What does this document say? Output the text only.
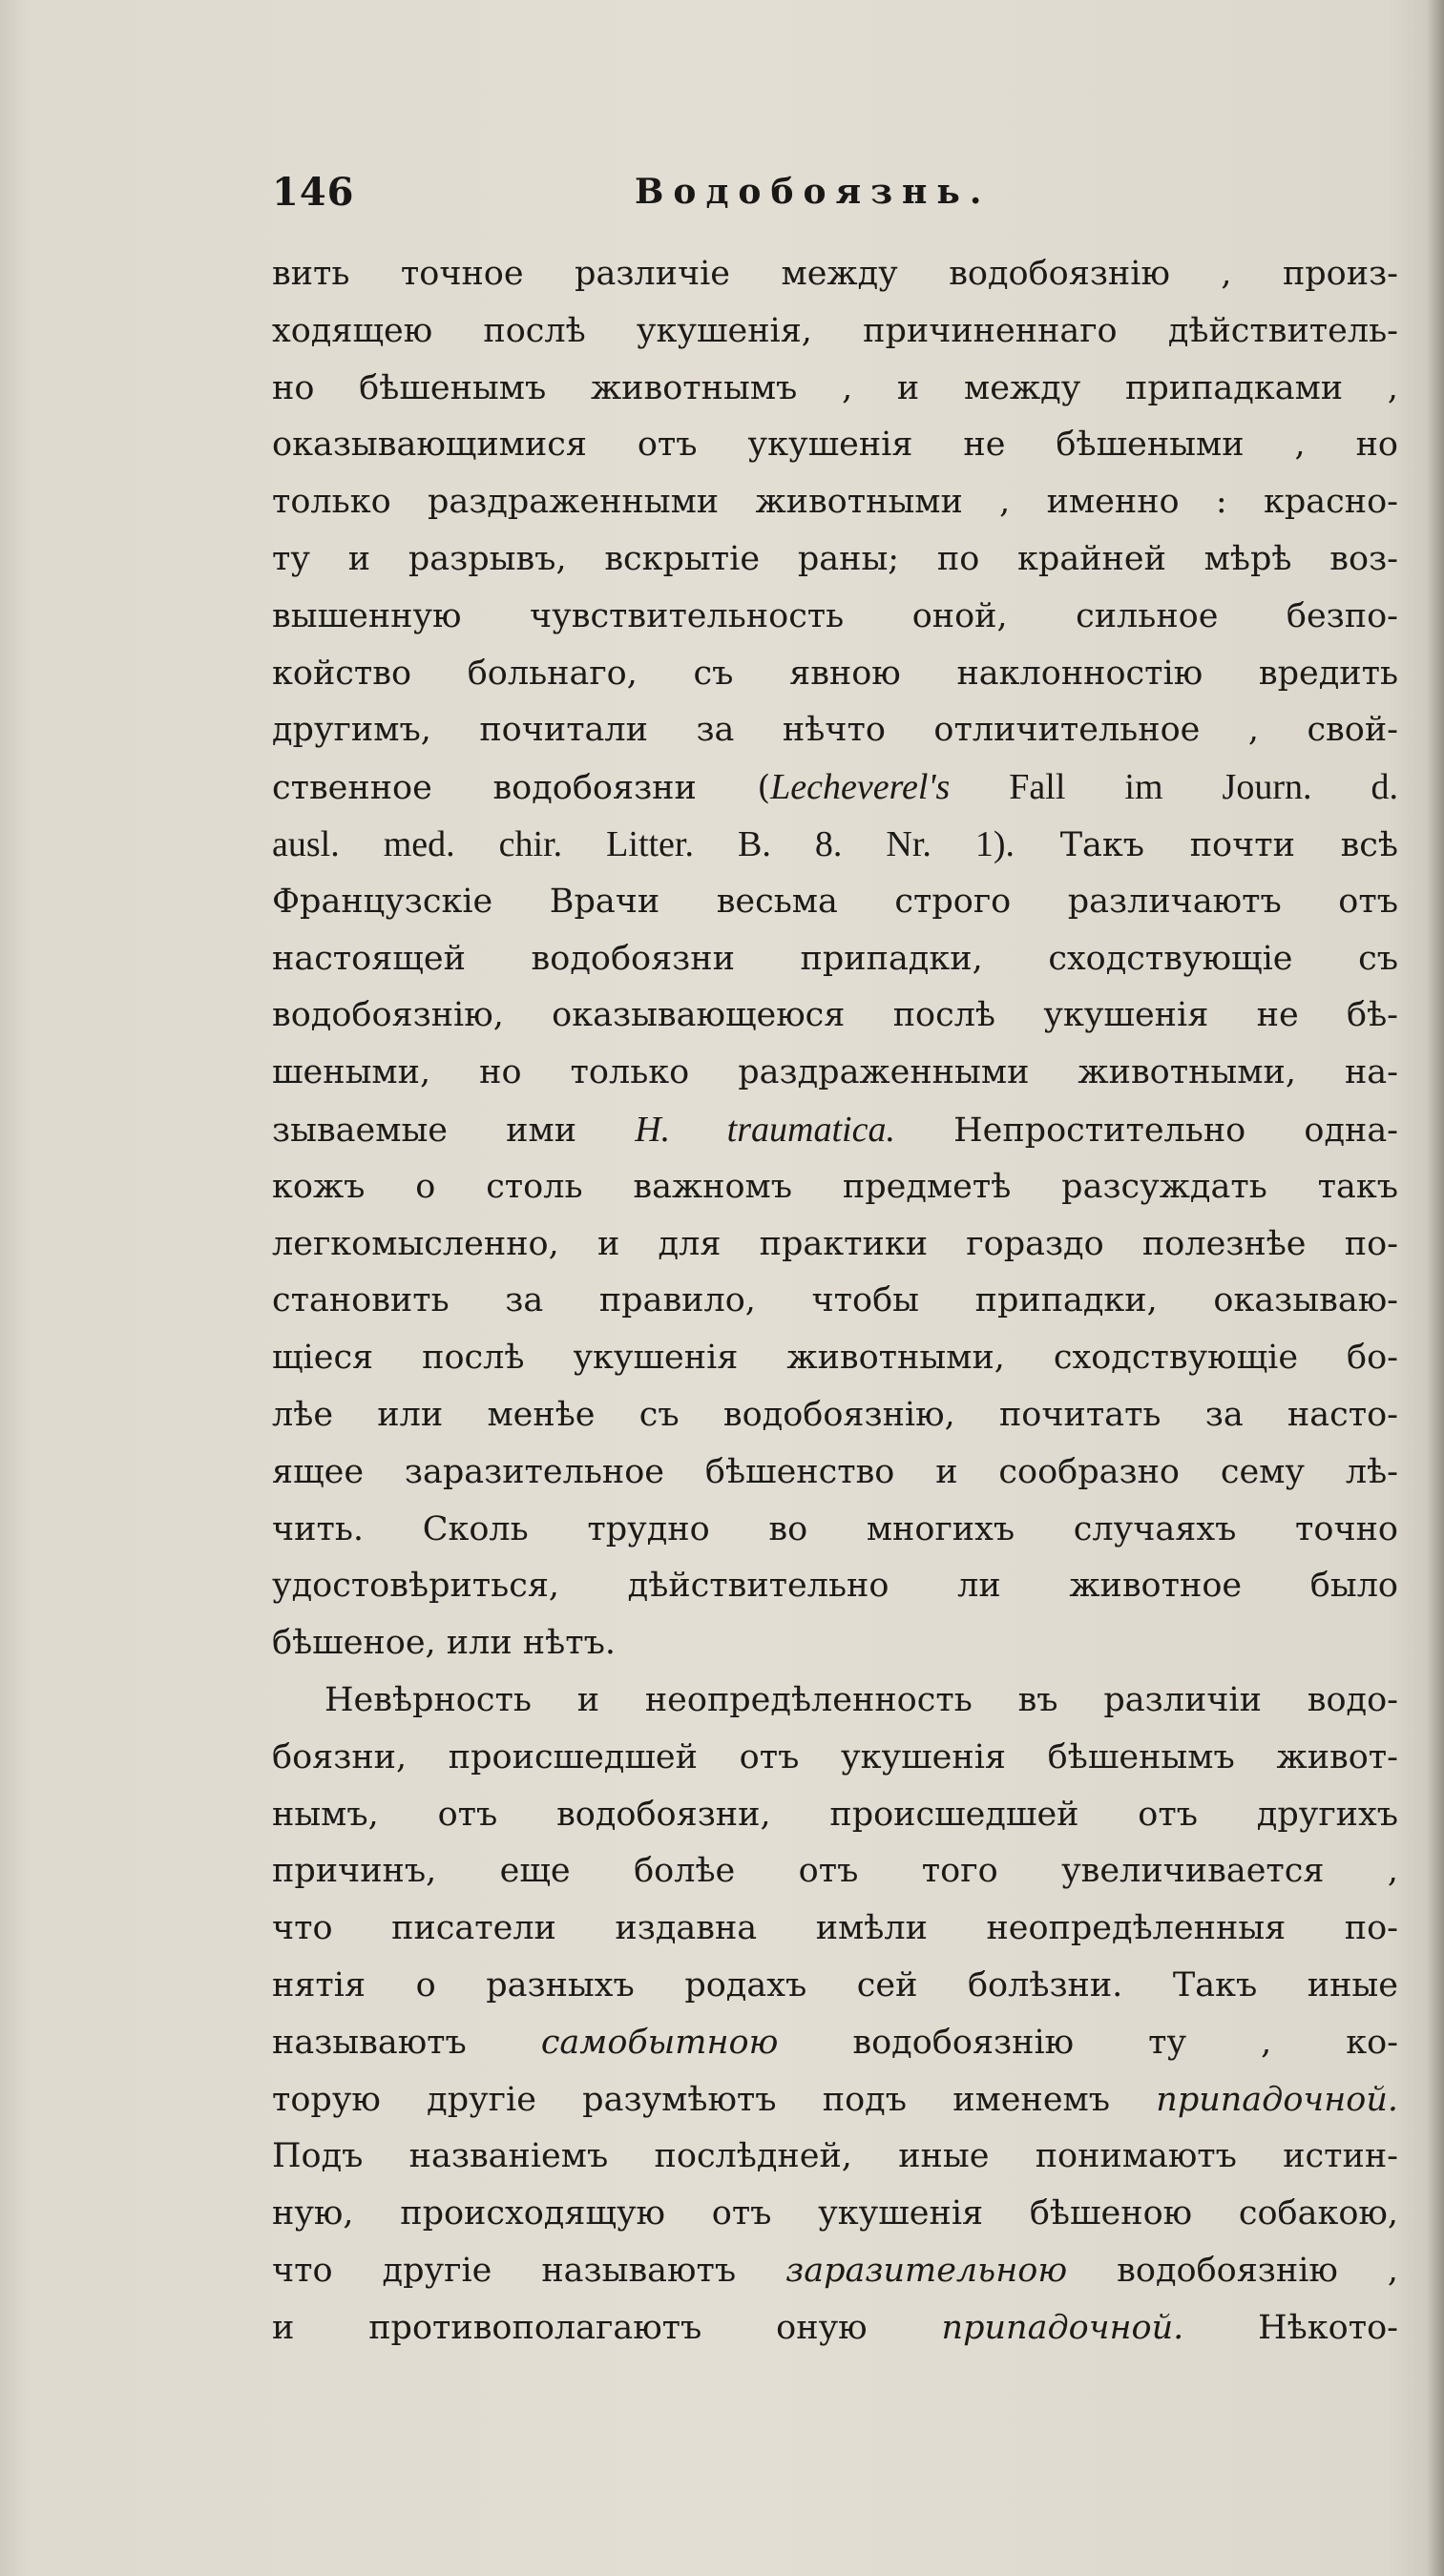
146	Водобоязнь.
вить точное различіе между водобоязнію , произ-
ходящею послѣ укушенія, причиненнаго дѣйствитель-
но бѣшенымъ животнымъ , и между припадками ,
оказывающимися отъ укушенія не бѣшеными , но
только раздраженными животными , именно : красно-
ту и разрывъ, вскрытіе раны; по крайней мѣрѣ воз-
вышенную чувствительность оной, сильное безпо-
койство больнаго, съ явною наклонностію вредить
другимъ, почитали за нѣчто отличительное , свой-
ственное водобоязни (Lecheverel's Fall im Journ. d.
ausl. med. chir. Litter. B. 8. Nr. 1). Такъ почти всѣ
Французскіе Врачи весьма строго различаютъ отъ
настоящей водобоязни припадки, сходствующіе съ
водобоязнію, оказывающеюся послѣ укушенія не бѣ-
шеными, но только раздраженными животными, на-
зываемые ими H. traumatica. Непростительно одна-
кожъ о столь важномъ предметѣ разсуждать такъ
легкомысленно, и для практики гораздо полезнѣе по-
становить за правило, чтобы припадки, оказываю-
щіеся послѣ укушенія животными, сходствующіе бо-
лѣе или менѣе съ водобоязнію, почитать за насто-
ящее заразительное бѣшенство и сообразно сему лѣ-
чить. Сколь трудно во многихъ случаяхъ точно
удостовѣриться, дѣйствительно ли животное было
бѣшеное, или нѣтъ.
Невѣрность и неопредѣленность въ различіи водо-
боязни, происшедшей отъ укушенія бѣшенымъ живот-
нымъ, отъ водобоязни, происшедшей отъ другихъ
причинъ, еще болѣе отъ того увеличивается ,
что писатели издавна имѣли неопредѣленныя по-
нятія о разныхъ родахъ сей болѣзни. Такъ иные
называютъ самобытною водобоязнію ту , ко-
торую другіе разумѣютъ подъ именемъ припадочной.
Подъ названіемъ послѣдней, иные понимаютъ истин-
ную, происходящую отъ укушенія бѣшеною собакою,
что другіе называютъ заразительною водобоязнію ,
и противополагаютъ оную припадочной. Нѣкото-
